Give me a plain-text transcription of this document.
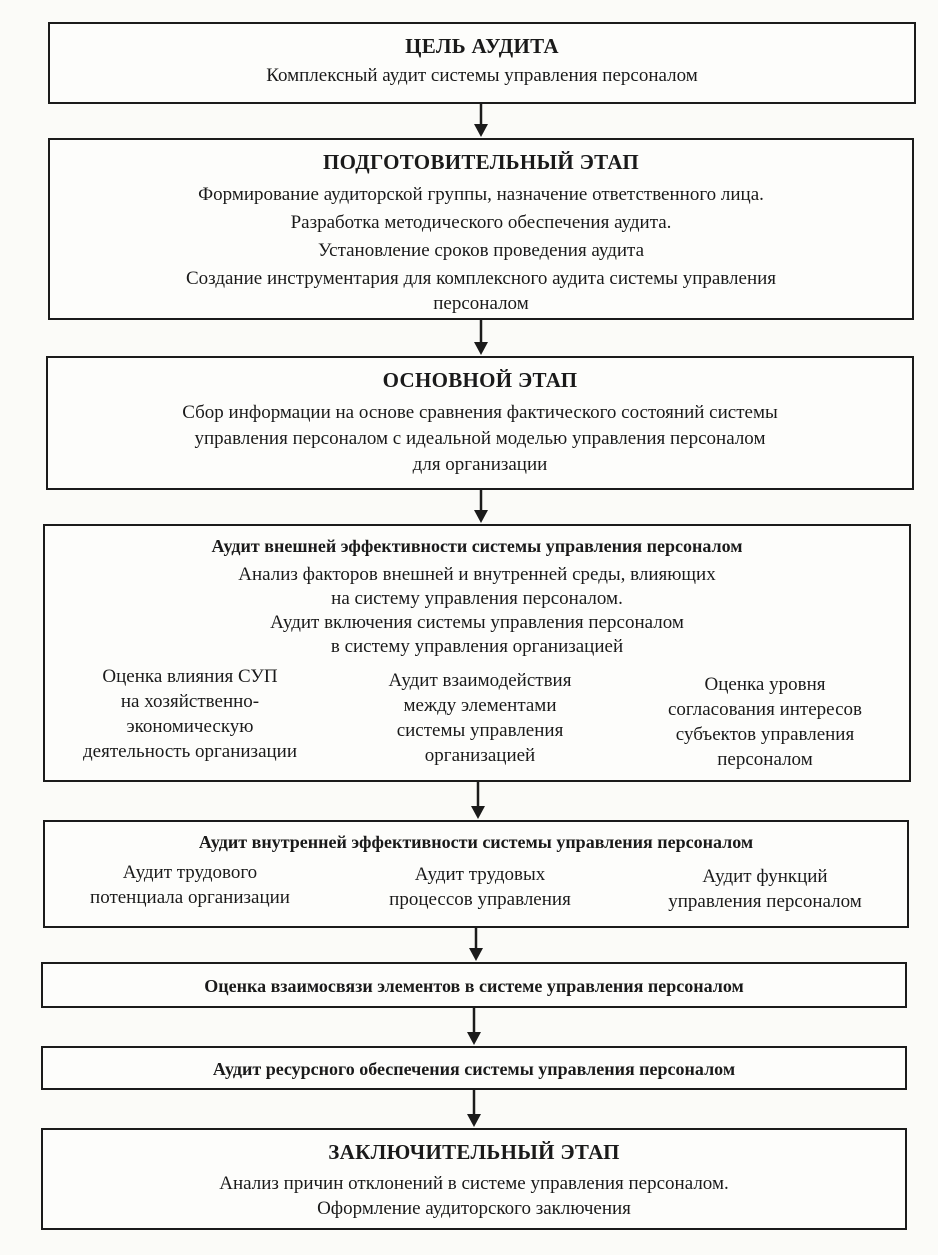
ЦЕЛЬ АУДИТА
Комплексный аудит системы управления персоналом
ПОДГОТОВИТЕЛЬНЫЙ ЭТАП
Формирование аудиторской группы, назначение ответственного лица.
Разработка методического обеспечения аудита.
Установление сроков проведения аудита
Создание инструментария для комплексного аудита системы управления
персоналом
ОСНОВНОЙ ЭТАП
Сбор информации на основе сравнения фактического состояний системы
управления персоналом с идеальной моделью управления персоналом
для организации
Аудит внешней эффективности системы управления персоналом
Анализ факторов внешней и внутренней среды, влияющих
на систему управления персоналом.
Аудит включения системы управления персоналом
в систему управления организацией
Оценка влияния СУП
на хозяйственно-
экономическую
деятельность организации
Аудит взаимодействия
между элементами
системы управления
организацией
Оценка уровня
согласования интересов
субъектов управления
персоналом
Аудит внутренней эффективности системы управления персоналом
Аудит трудового
потенциала организации
Аудит трудовых
процессов управления
Аудит функций
управления персоналом
Оценка взаимосвязи элементов в системе управления персоналом
Аудит ресурсного обеспечения системы управления персоналом
ЗАКЛЮЧИТЕЛЬНЫЙ ЭТАП
Анализ причин отклонений в системе управления персоналом.
Оформление аудиторского заключения
